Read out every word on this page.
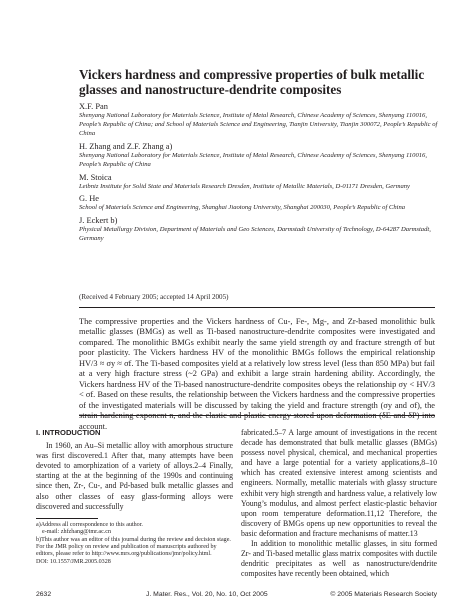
Vickers hardness and compressive properties of bulk metallic glasses and nanostructure-dendrite composites
X.F. Pan
Shenyang National Laboratory for Materials Science, Institute of Metal Research, Chinese Academy of Sciences, Shenyang 110016, People’s Republic of China; and School of Materials Science and Engineering, Tianjin University, Tianjin 300072, People’s Republic of China
H. Zhang and Z.F. Zhang a)
Shenyang National Laboratory for Materials Science, Institute of Metal Research, Chinese Academy of Sciences, Shenyang 110016, People’s Republic of China
M. Stoica
Leibniz Institute for Solid State and Materials Research Dresden, Institute of Metallic Materials, D-01171 Dresden, Germany
G. He
School of Materials Science and Engineering, Shanghai Jiaotong University, Shanghai 200030, People’s Republic of China
J. Eckert b)
Physical Metallurgy Division, Department of Materials and Geo Sciences, Darmstadt University of Technology, D-64287 Darmstadt, Germany
(Received 4 February 2005; accepted 14 April 2005)

The compressive properties and the Vickers hardness of Cu-, Fe-, Mg-, and Zr-based monolithic bulk metallic glasses (BMGs) as well as Ti-based nanostructure-dendrite composites were investigated and compared. The monolithic BMGs exhibit nearly the same yield strength σy and fracture strength σf but poor plasticity. The Vickers hardness HV of the monolithic BMGs follows the empirical relationship HV/3 ≈ σy ≈ σf. The Ti-based composites yield at a relatively low stress level (less than 850 MPa) but fail at a very high fracture stress (~2 GPa) and exhibit a large strain hardening ability. Accordingly, the Vickers hardness HV of the Ti-based nanostructure-dendrite composites obeys the relationship σy < HV/3 < σf. Based on these results, the relationship between the Vickers hardness and the compressive properties of the investigated materials will be discussed by taking the yield and fracture strength (σy and σf), the strain hardening exponent n, and the elastic and plastic energy stored upon deformation (δE and δP) into account.

I. INTRODUCTION

In 1960, an Au–Si metallic alloy with amorphous structure was first discovered.1 After that, many attempts have been devoted to amorphization of a variety of alloys.2–4 Finally, starting at the at the beginning of the 1990s and continuing since then, Zr-, Cu-, and Pd-based bulk metallic glasses and also other classes of easy glass-forming alloys were discovered and successfully

a)Address all correspondence to this author.

e-mail: zhfzhang@imr.ac.cn

b)This author was an editor of this journal during the review and decision stage. For the JMR policy on review and publication of manuscripts authored by editors, please refer to http://www.mrs.org/publications/jmr/policy.html.

DOI: 10.1557/JMR.2005.0328

fabricated.5–7 A large amount of investigations in the recent decade has demonstrated that bulk metallic glasses (BMGs) possess novel physical, chemical, and mechanical properties and have a large potential for a variety applications,8–10 which has created extensive interest among scientists and engineers. Normally, metallic materials with glassy structure exhibit very high strength and hardness value, a relatively low Young’s modulus, and almost perfect elastic-plastic behavior upon room temperature deformation.11,12 Therefore, the discovery of BMGs opens up new opportunities to reveal the basic deformation and fracture mechanisms of matter.13

In addition to monolithic metallic glasses, in situ formed Zr- and Ti-based metallic glass matrix composites with ductile dendritic precipitates as well as nanostructure/dendrite composites have recently been obtained, which

2632	J. Mater. Res., Vol. 20, No. 10, Oct 2005	© 2005 Materials Research Society
